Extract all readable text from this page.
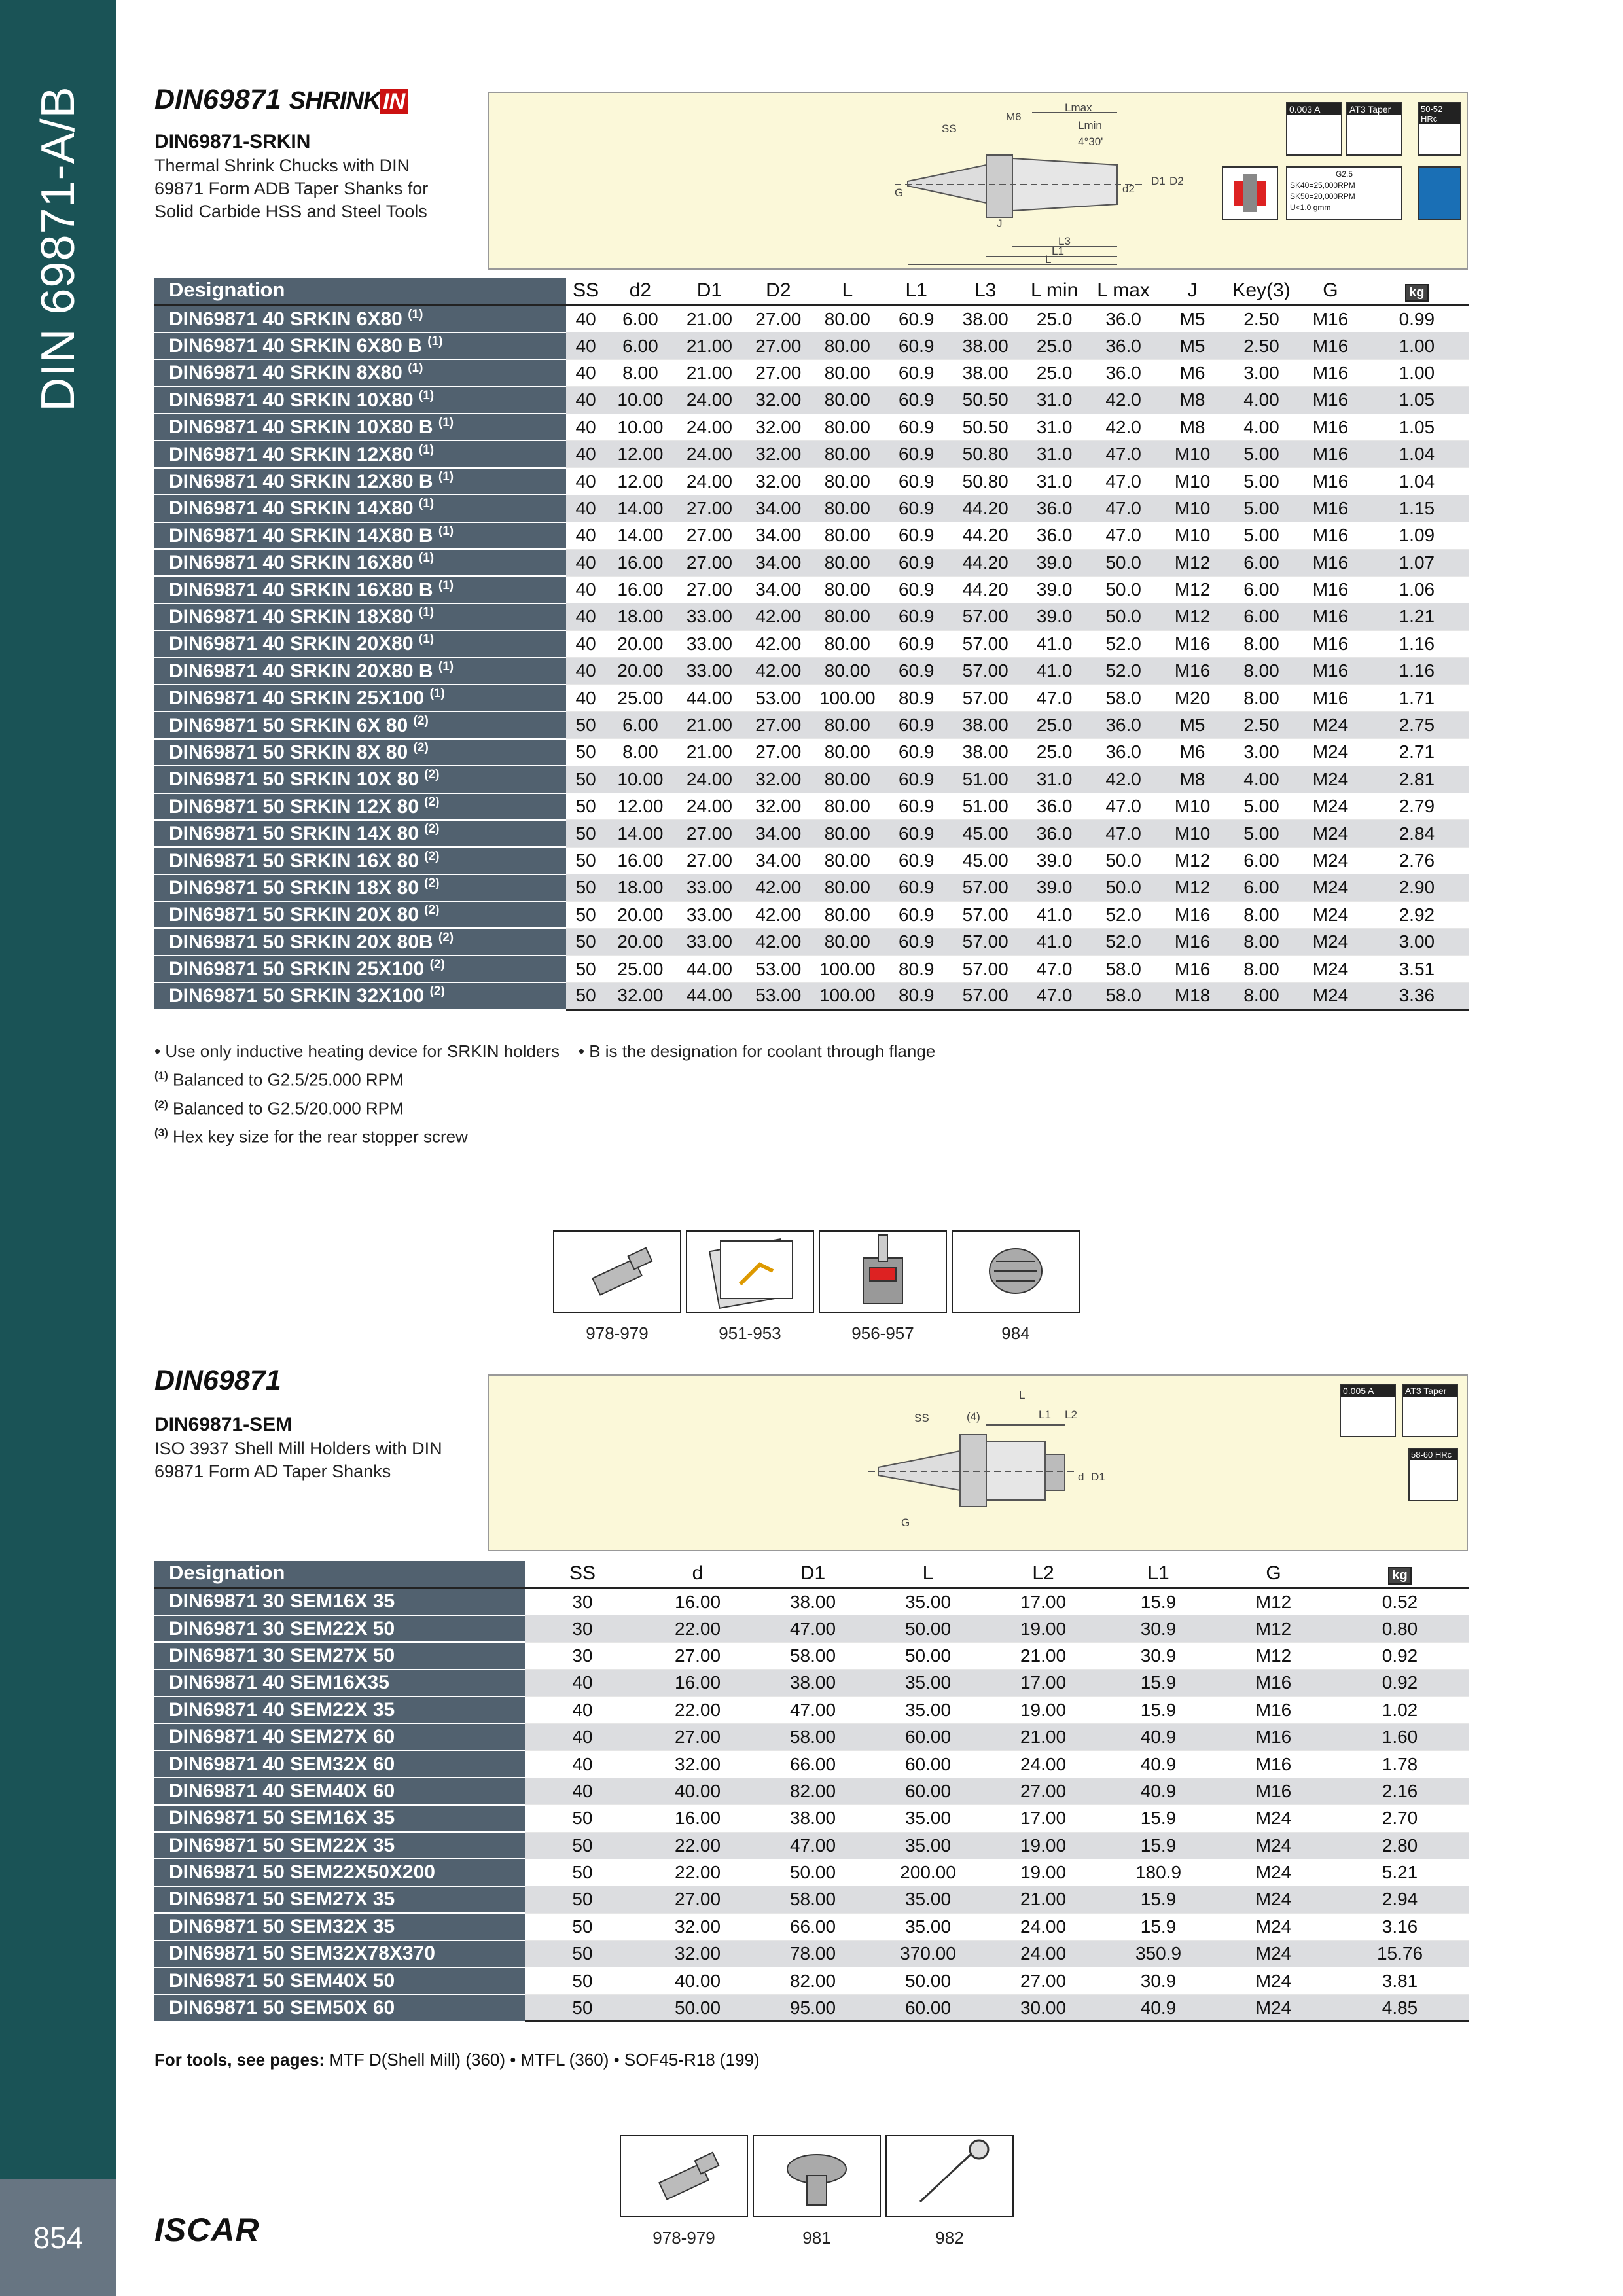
DIN 69871-A/B
854	ISCAR
DIN69871 SHRINK IN
DIN69871-SRKIN
Thermal Shrink Chucks with DIN 69871 Form ADB Taper Shanks for Solid Carbide HSS and Steel Tools
SS
M6
Lmax
Lmin
4°30'
G
D1 D2
d2
L3
L1
L
J
0.003 A	AT3 Taper	50-52 HRc
G2.5
SK40=25,000RPM
SK50=20,000RPM
U<1.0 gmm
Designation	SS	d2	D1	D2	L	L1	L3	L min	L max	J	Key(3)	G	kg
DIN69871 40 SRKIN 6X80 $^{(1)}$	40	6.00	21.00	27.00	80.00	60.9	38.00	25.0	36.0	M5	2.50	M16	0.99
DIN69871 40 SRKIN 6X80 B $^{(1)}$	40	6.00	21.00	27.00	80.00	60.9	38.00	25.0	36.0	M5	2.50	M16	1.00
DIN69871 40 SRKIN 8X80 $^{(1)}$	40	8.00	21.00	27.00	80.00	60.9	38.00	25.0	36.0	M6	3.00	M16	1.00
DIN69871 40 SRKIN 10X80 $^{(1)}$	40	10.00	24.00	32.00	80.00	60.9	50.50	31.0	42.0	M8	4.00	M16	1.05
DIN69871 40 SRKIN 10X80 B $^{(1)}$	40	10.00	24.00	32.00	80.00	60.9	50.50	31.0	42.0	M8	4.00	M16	1.05
DIN69871 40 SRKIN 12X80 $^{(1)}$	40	12.00	24.00	32.00	80.00	60.9	50.80	31.0	47.0	M10	5.00	M16	1.04
DIN69871 40 SRKIN 12X80 B $^{(1)}$	40	12.00	24.00	32.00	80.00	60.9	50.80	31.0	47.0	M10	5.00	M16	1.04
DIN69871 40 SRKIN 14X80 $^{(1)}$	40	14.00	27.00	34.00	80.00	60.9	44.20	36.0	47.0	M10	5.00	M16	1.15
DIN69871 40 SRKIN 14X80 B $^{(1)}$	40	14.00	27.00	34.00	80.00	60.9	44.20	36.0	47.0	M10	5.00	M16	1.09
DIN69871 40 SRKIN 16X80 $^{(1)}$	40	16.00	27.00	34.00	80.00	60.9	44.20	39.0	50.0	M12	6.00	M16	1.07
DIN69871 40 SRKIN 16X80 B $^{(1)}$	40	16.00	27.00	34.00	80.00	60.9	44.20	39.0	50.0	M12	6.00	M16	1.06
DIN69871 40 SRKIN 18X80 $^{(1)}$	40	18.00	33.00	42.00	80.00	60.9	57.00	39.0	50.0	M12	6.00	M16	1.21
DIN69871 40 SRKIN 20X80 $^{(1)}$	40	20.00	33.00	42.00	80.00	60.9	57.00	41.0	52.0	M16	8.00	M16	1.16
DIN69871 40 SRKIN 20X80 B $^{(1)}$	40	20.00	33.00	42.00	80.00	60.9	57.00	41.0	52.0	M16	8.00	M16	1.16
DIN69871 40 SRKIN 25X100 $^{(1)}$	40	25.00	44.00	53.00	100.00	80.9	57.00	47.0	58.0	M20	8.00	M16	1.71
DIN69871 50 SRKIN 6X 80 $^{(2)}$	50	6.00	21.00	27.00	80.00	60.9	38.00	25.0	36.0	M5	2.50	M24	2.75
DIN69871 50 SRKIN 8X 80 $^{(2)}$	50	8.00	21.00	27.00	80.00	60.9	38.00	25.0	36.0	M6	3.00	M24	2.71
DIN69871 50 SRKIN 10X 80 $^{(2)}$	50	10.00	24.00	32.00	80.00	60.9	51.00	31.0	42.0	M8	4.00	M24	2.81
DIN69871 50 SRKIN 12X 80 $^{(2)}$	50	12.00	24.00	32.00	80.00	60.9	51.00	36.0	47.0	M10	5.00	M24	2.79
DIN69871 50 SRKIN 14X 80 $^{(2)}$	50	14.00	27.00	34.00	80.00	60.9	45.00	36.0	47.0	M10	5.00	M24	2.84
DIN69871 50 SRKIN 16X 80 $^{(2)}$	50	16.00	27.00	34.00	80.00	60.9	45.00	39.0	50.0	M12	6.00	M24	2.76
DIN69871 50 SRKIN 18X 80 $^{(2)}$	50	18.00	33.00	42.00	80.00	60.9	57.00	39.0	50.0	M12	6.00	M24	2.90
DIN69871 50 SRKIN 20X 80 $^{(2)}$	50	20.00	33.00	42.00	80.00	60.9	57.00	41.0	52.0	M16	8.00	M24	2.92
DIN69871 50 SRKIN 20X 80B $^{(2)}$	50	20.00	33.00	42.00	80.00	60.9	57.00	41.0	52.0	M16	8.00	M24	3.00
DIN69871 50 SRKIN 25X100 $^{(2)}$	50	25.00	44.00	53.00	100.00	80.9	57.00	47.0	58.0	M16	8.00	M24	3.51
DIN69871 50 SRKIN 32X100 $^{(2)}$	50	32.00	44.00	53.00	100.00	80.9	57.00	47.0	58.0	M18	8.00	M24	3.36
• Use only inductive heating device for SRKIN holders • B is the designation for coolant through flange
$^{(1)}$ Balanced to G2.5/25.000 RPM
$^{(2)}$ Balanced to G2.5/20.000 RPM
$^{(3)}$ Hex key size for the rear stopper screw
978-979	951-953	956-957	984
DIN69871
DIN69871-SEM
ISO 3937 Shell Mill Holders with DIN 69871 Form AD Taper Shanks
SS	(4)
L
L1 L2
d D1
G
0.005 A	AT3 Taper
58-60 HRc
Designation	SS	d	D1	L	L2	L1	G	kg
DIN69871 30 SEM16X 35	30	16.00	38.00	35.00	17.00	15.9	M12	0.52
DIN69871 30 SEM22X 50	30	22.00	47.00	50.00	19.00	30.9	M12	0.80
DIN69871 30 SEM27X 50	30	27.00	58.00	50.00	21.00	30.9	M12	0.92
DIN69871 40 SEM16X35	40	16.00	38.00	35.00	17.00	15.9	M16	0.92
DIN69871 40 SEM22X 35	40	22.00	47.00	35.00	19.00	15.9	M16	1.02
DIN69871 40 SEM27X 60	40	27.00	58.00	60.00	21.00	40.9	M16	1.60
DIN69871 40 SEM32X 60	40	32.00	66.00	60.00	24.00	40.9	M16	1.78
DIN69871 40 SEM40X 60	40	40.00	82.00	60.00	27.00	40.9	M16	2.16
DIN69871 50 SEM16X 35	50	16.00	38.00	35.00	17.00	15.9	M24	2.70
DIN69871 50 SEM22X 35	50	22.00	47.00	35.00	19.00	15.9	M24	2.80
DIN69871 50 SEM22X50X200	50	22.00	50.00	200.00	19.00	180.9	M24	5.21
DIN69871 50 SEM27X 35	50	27.00	58.00	35.00	21.00	15.9	M24	2.94
DIN69871 50 SEM32X 35	50	32.00	66.00	35.00	24.00	15.9	M24	3.16
DIN69871 50 SEM32X78X370	50	32.00	78.00	370.00	24.00	350.9	M24	15.76
DIN69871 50 SEM40X 50	50	40.00	82.00	50.00	27.00	30.9	M24	3.81
DIN69871 50 SEM50X 60	50	50.00	95.00	60.00	30.00	40.9	M24	4.85
For tools, see pages: MTF D(Shell Mill) (360) • MTFL (360) • SOF45-R18 (199)
978-979	981	982
